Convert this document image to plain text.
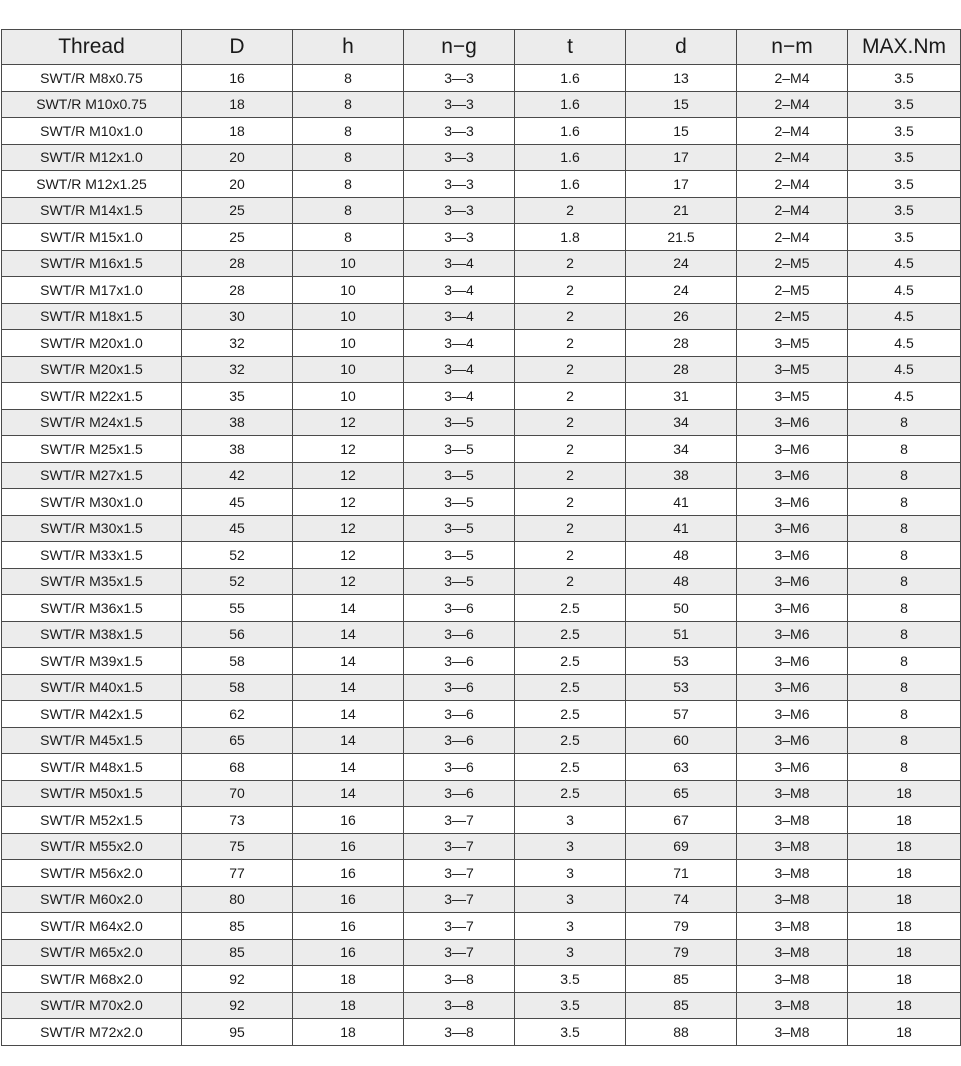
Thread	D	h	n−g	t	d	n−m	MAX.Nm
SWT/R M8x0.75	16	8	3—3	1.6	13	2–M4	3.5
SWT/R M10x0.75	18	8	3—3	1.6	15	2–M4	3.5
SWT/R M10x1.0	18	8	3—3	1.6	15	2–M4	3.5
SWT/R M12x1.0	20	8	3—3	1.6	17	2–M4	3.5
SWT/R M12x1.25	20	8	3—3	1.6	17	2–M4	3.5
SWT/R M14x1.5	25	8	3—3	2	21	2–M4	3.5
SWT/R M15x1.0	25	8	3—3	1.8	21.5	2–M4	3.5
SWT/R M16x1.5	28	10	3—4	2	24	2–M5	4.5
SWT/R M17x1.0	28	10	3—4	2	24	2–M5	4.5
SWT/R M18x1.5	30	10	3—4	2	26	2–M5	4.5
SWT/R M20x1.0	32	10	3—4	2	28	3–M5	4.5
SWT/R M20x1.5	32	10	3—4	2	28	3–M5	4.5
SWT/R M22x1.5	35	10	3—4	2	31	3–M5	4.5
SWT/R M24x1.5	38	12	3—5	2	34	3–M6	8
SWT/R M25x1.5	38	12	3—5	2	34	3–M6	8
SWT/R M27x1.5	42	12	3—5	2	38	3–M6	8
SWT/R M30x1.0	45	12	3—5	2	41	3–M6	8
SWT/R M30x1.5	45	12	3—5	2	41	3–M6	8
SWT/R M33x1.5	52	12	3—5	2	48	3–M6	8
SWT/R M35x1.5	52	12	3—5	2	48	3–M6	8
SWT/R M36x1.5	55	14	3—6	2.5	50	3–M6	8
SWT/R M38x1.5	56	14	3—6	2.5	51	3–M6	8
SWT/R M39x1.5	58	14	3—6	2.5	53	3–M6	8
SWT/R M40x1.5	58	14	3—6	2.5	53	3–M6	8
SWT/R M42x1.5	62	14	3—6	2.5	57	3–M6	8
SWT/R M45x1.5	65	14	3—6	2.5	60	3–M6	8
SWT/R M48x1.5	68	14	3—6	2.5	63	3–M6	8
SWT/R M50x1.5	70	14	3—6	2.5	65	3–M8	18
SWT/R M52x1.5	73	16	3—7	3	67	3–M8	18
SWT/R M55x2.0	75	16	3—7	3	69	3–M8	18
SWT/R M56x2.0	77	16	3—7	3	71	3–M8	18
SWT/R M60x2.0	80	16	3—7	3	74	3–M8	18
SWT/R M64x2.0	85	16	3—7	3	79	3–M8	18
SWT/R M65x2.0	85	16	3—7	3	79	3–M8	18
SWT/R M68x2.0	92	18	3—8	3.5	85	3–M8	18
SWT/R M70x2.0	92	18	3—8	3.5	85	3–M8	18
SWT/R M72x2.0	95	18	3—8	3.5	88	3–M8	18
